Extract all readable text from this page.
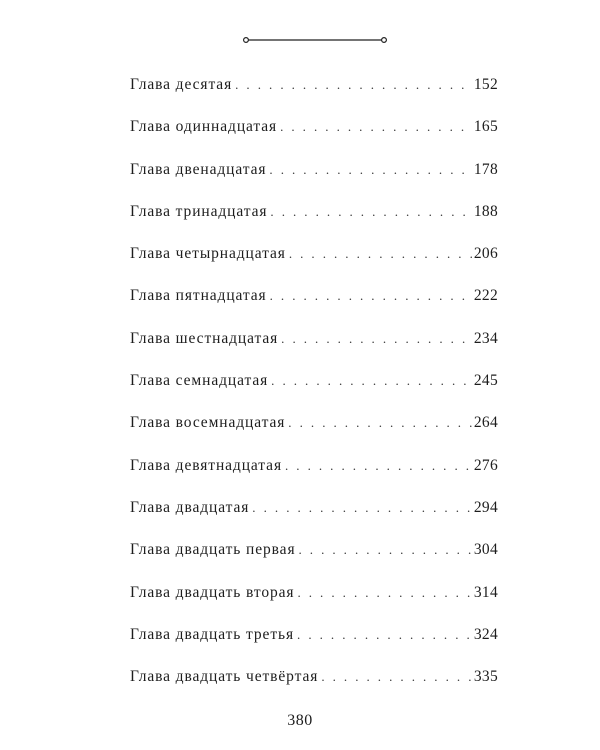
Глава десятая . . .	152
Глава одиннадцатая . . .	165
Глава двенадцатая . . .	178
Глава тринадцатая . . .	188
Глава четырнадцатая . . .	206
Глава пятнадцатая . . .	222
Глава шестнадцатая . . .	234
Глава семнадцатая . . .	245
Глава восемнадцатая . . .	264
Глава девятнадцатая . . .	276
Глава двадцатая . . .	294
Глава двадцать первая . . .	304
Глава двадцать вторая . . .	314
Глава двадцать третья . . .	324
Глава двадцать четвёртая . . .	335
380
